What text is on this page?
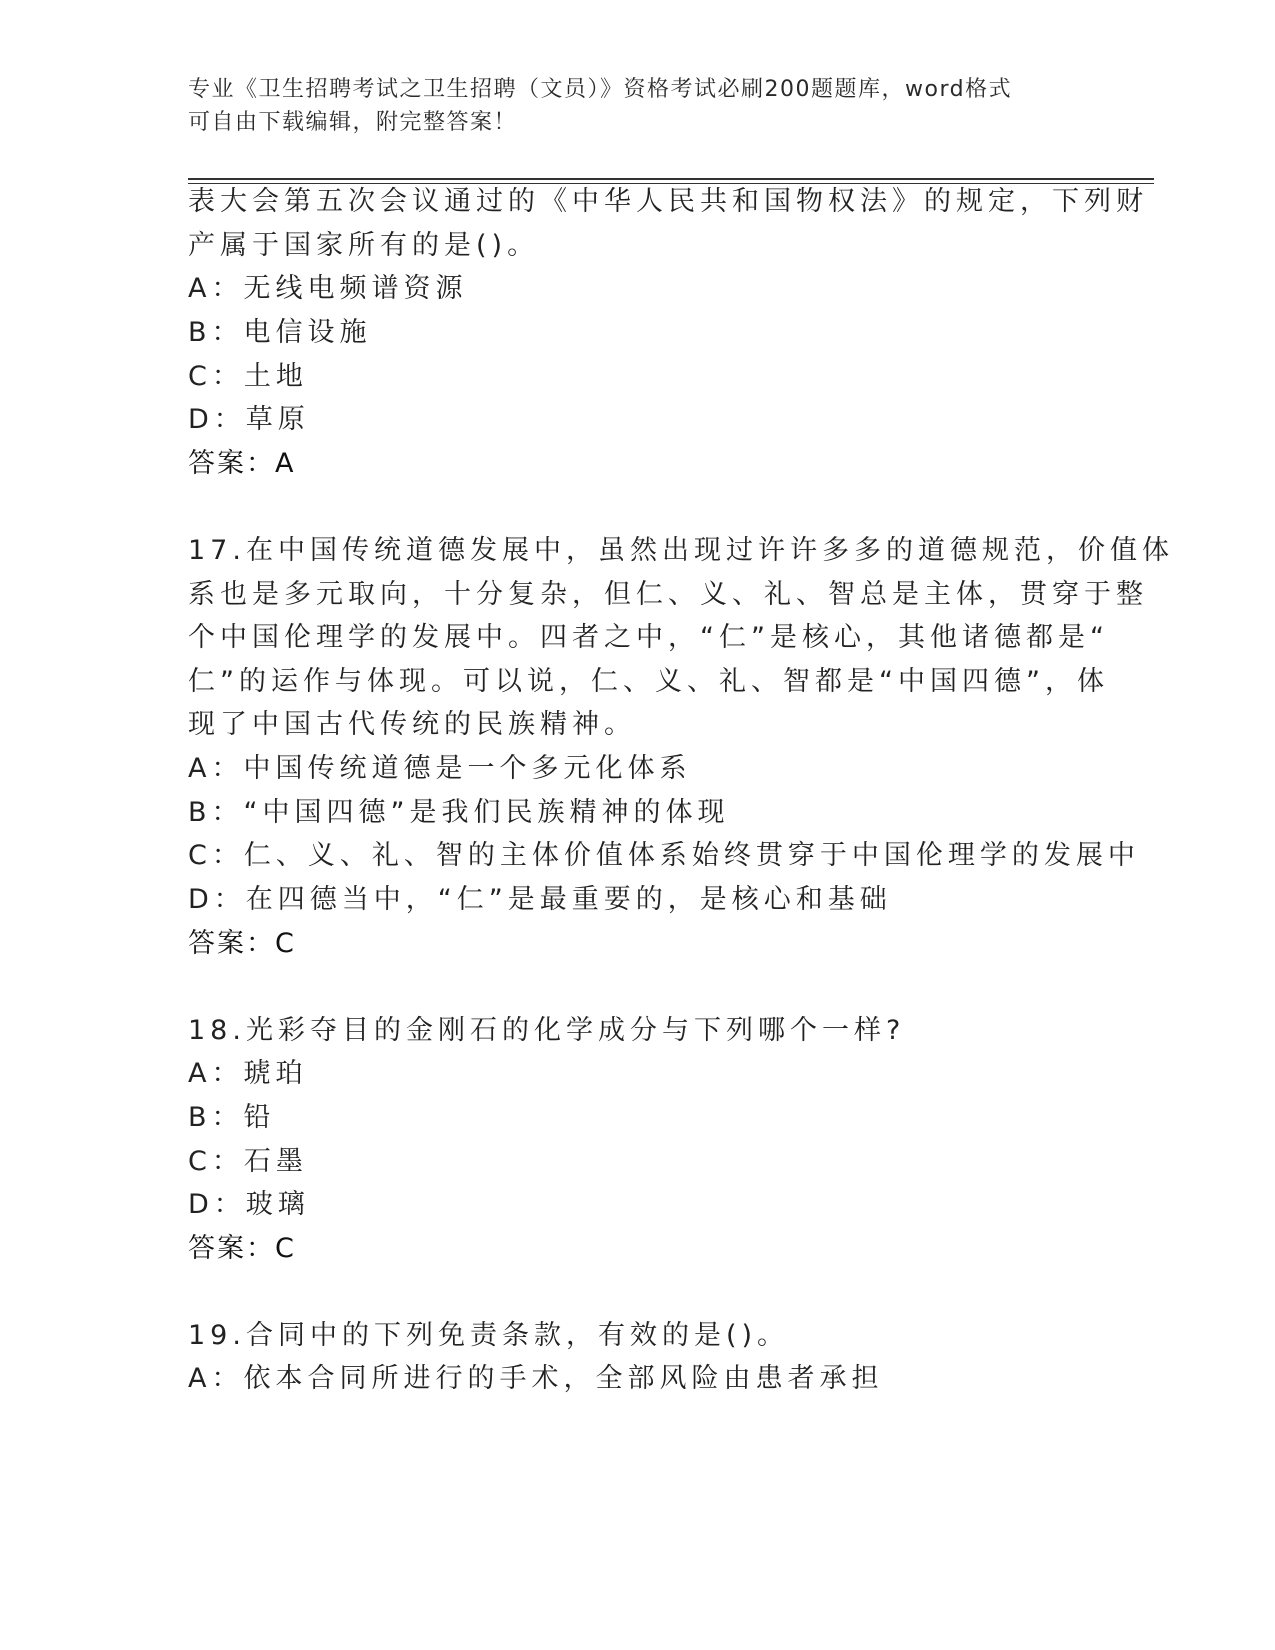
专业《卫生招聘考试之卫生招聘（文员）》资格考试必刷200题题库，word格式
可自由下载编辑，附完整答案！
表大会第五次会议通过的《中华人民共和国物权法》的规定，下列财
产属于国家所有的是()。
A：无线电频谱资源
B：电信设施
C：土地
D：草原
答案：A
17.在中国传统道德发展中，虽然出现过许许多多的道德规范，价值体
系也是多元取向，十分复杂，但仁、义、礼、智总是主体，贯穿于整
个中国伦理学的发展中。四者之中，“仁”是核心，其他诸德都是“
仁”的运作与体现。可以说，仁、义、礼、智都是“中国四德”，体
现了中国古代传统的民族精神。
A：中国传统道德是一个多元化体系
B：“中国四德”是我们民族精神的体现
C：仁、义、礼、智的主体价值体系始终贯穿于中国伦理学的发展中
D：在四德当中，“仁”是最重要的，是核心和基础
答案：C
18.光彩夺目的金刚石的化学成分与下列哪个一样?
A：琥珀
B：铅
C：石墨
D：玻璃
答案：C
19.合同中的下列免责条款，有效的是()。
A：依本合同所进行的手术，全部风险由患者承担
